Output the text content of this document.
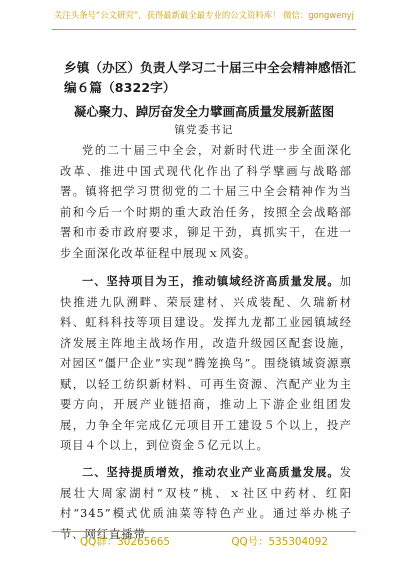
关注头条号“公文研究”，获得最新最全最专业的公文资料库！ 微信：gongwenyj
乡镇（办区）负责人学习二十届三中全会精神感悟汇编６篇（8322字）
凝心聚力、踔厉奋发全力擘画高质量发展新蓝图
镇党委书记

党的二十届三中全会，对新时代进一步全面深化改革、推进中国式现代化作出了科学擘画与战略部署。镇将把学习贯彻党的二十届三中全会精神作为当前和今后一个时期的重大政治任务，按照全会战略部署和市委市政府要求，铆足干劲，真抓实干，在进一步全面深化改革征程中展现ｘ风姿。

一、坚持项目为王，推动镇域经济高质量发展。加快推进九队溯畔、荣辰建材、兴成装配、久瑞新材料、虹科科技等项目建设。发挥九龙都工业园镇域经济发展主阵地主战场作用，改造升级园区配套设施，对园区“僵尸企业”实现“腾笼换鸟”。围绕镇域资源禀赋，以轻工纺织新材料、可再生资源、汽配产业为主要方向，开展产业链招商，推动上下游企业组团发展，力争全年完成亿元项目开工建设５个以上，投产项目４个以上，到位资金５亿元以上。

二、坚持提质增效，推动农业产业高质量发展。发展壮大周家湖村“双枝”桃、ｘ社区中药材、红阳村“345”模式优质油菜等特色产业。通过举办桃子节、网红直播带

QQ群：30265665	QQ号：535304092
